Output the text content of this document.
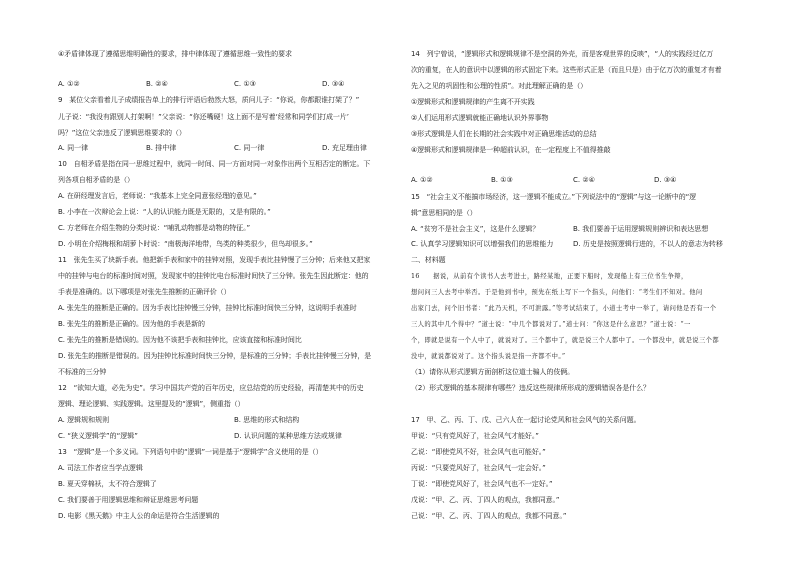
④矛盾律体现了遵循思维明确性的要求，排中律体现了遵循思维一致性的要求
A. ①②	B. ②④	C. ①③	D. ③④
9　某位父亲看着儿子成绩报告单上的排行评语后勃然大怒，质问儿子：“你说，你都跟谁打架了？”
儿子说：“我没有跟别人打架啊！”父亲说：“你还嘴硬！这上面不是写着‘经常和同学们打成一片’
吗？”这位父亲违反了逻辑思维要求的（）
A. 同一律	B. 排中律	C. 同一律	D. 充足理由律
10　自相矛盾是指在同一思维过程中，就同一时间、同一方面对同一对象作出两个互相否定的断定。下
列各项自相矛盾的是（）
A. 在研经理发言后，老师说：“我基本上完全同意张经理的意见。”
B. 小李在一次辩论会上说：“人的认识能力既是无限的，又是有限的。”
C. 方老师在介绍生物的分类时说：“哺乳动物都是动物的特征。”
D. 小明在介绍梅根和胡萝卜时说：“南极海洋地带，鸟类的种类很少，但鸟却很多。”
11　张先生买了块新手表。他把新手表和家中的挂钟对照，发现手表比挂钟慢了三分钟；后来他又把家
中的挂钟与电台的标准时间对照，发现家中的挂钟比电台标准时间快了三分钟。张先生因此断定：他的
手表是准确的。以下哪项是对张先生推断的正确评价（）
A. 张先生的推断是正确的。因为手表比挂钟慢三分钟，挂钟比标准时间快三分钟，这说明手表准时
B. 张先生的推断是正确的。因为他的手表是新的
C. 张先生的推断是错误的。因为他不该把手表和挂钟比，应该直接和标准时间比
D. 张先生的推断是错误的。因为挂钟比标准时间快三分钟，是标准的三分钟；手表比挂钟慢三分钟，是
不标准的三分钟
12　“欲知大道，必先为史”。学习中国共产党的百年历史，应总结党的历史经验，再清楚其中的历史
逻辑、理论逻辑、实践逻辑。这里提及的“逻辑”，侧重指（）
A. 逻辑规和规则	B. 思维的形式和结构
C. “狭义逻辑学”的“逻辑”	D. 认识问题的某种思维方法或规律
13　“逻辑”是一个多义词。下列语句中的“逻辑”一词是基于“逻辑学”含义使用的是（）
A. 司法工作者应当学点逻辑
B. 夏天穿棉袄，太不符合逻辑了
C. 我们要善于用逻辑思维和辩证思维思考问题
D. 电影《黑天鹅》中主人公的命运是符合生活逻辑的
14　列宁曾说，“逻辑形式和逻辑规律不是空洞的外壳，而是客观世界的反映”，“人的实践经过亿万
次的重复，在人的意识中以逻辑的形式固定下来。这些形式正是（而且只是）由于亿万次的重复才有着
先入之见的巩固性和公理的性质”。对此理解正确的是（）
①逻辑形式和逻辑规律的产生离不开实践
②人们运用形式逻辑就能正确地认识外界事物
③形式逻辑是人们在长期的社会实践中对正确思维活动的总结
④逻辑形式和逻辑规律是一种超前认识，在一定程度上不值得推敲
A. ①②	B. ①③	C. ②④	D. ③④
15　“社会主义不能搞市场经济，这一逻辑不能成立。”下列说法中的“逻辑”与这一论断中的“逻
辑”意思相同的是（）
A. “贫穷不是社会主义”，这是什么逻辑？	B. 我们要善于运用逻辑规则辨识和表达思想
C. 认真学习逻辑知识可以增强我们的思维能力	D. 历史是按照逻辑行进的，不以人的意志为转移
二、材料题
16　　据说，从前有个读书人去考进士，路经某地，正要下船时，发现船上有三位书生争辩，
想问问三人去考中举否。于是他到书中，预先在纸上写下一个指头，问他们：“考生们不知对。他问
出家门去，问个旧书者：“此乃天机，不可泄露。”等考试结束了，小道士考中一举了，请问他是否有一个
三人的其中几个得中？”道士说：“中几个都说对了。”道士问：“你这是什么意思？”道士说：“一
个，即就是说有一个人中了，就说对了。三个都中了，就是说三个人都中了。一个都没中，就是说三个都
没中，就说都说对了。这个指头说是指一齐都不中。”
（1）请你从形式逻辑方面剖析这位道士骗人的伎俩。
（2）形式逻辑的基本规律有哪些？违反这些规律所形成的逻辑错误各是什么？
17　甲、乙、丙、丁、戊、己六人在一起讨论党风和社会风气的关系问题。
甲说：“只有党风好了，社会风气才能好。”
乙说：“即使党风不好，社会风气也可能好。”
丙说：“只要党风好了，社会风气一定会好。”
丁说：“即使党风好了，社会风气也不一定好。”
戊说：“甲、乙、丙、丁四人的观点，我都同意。”
己说：“甲、乙、丙、丁四人的观点，我都不同意。”
